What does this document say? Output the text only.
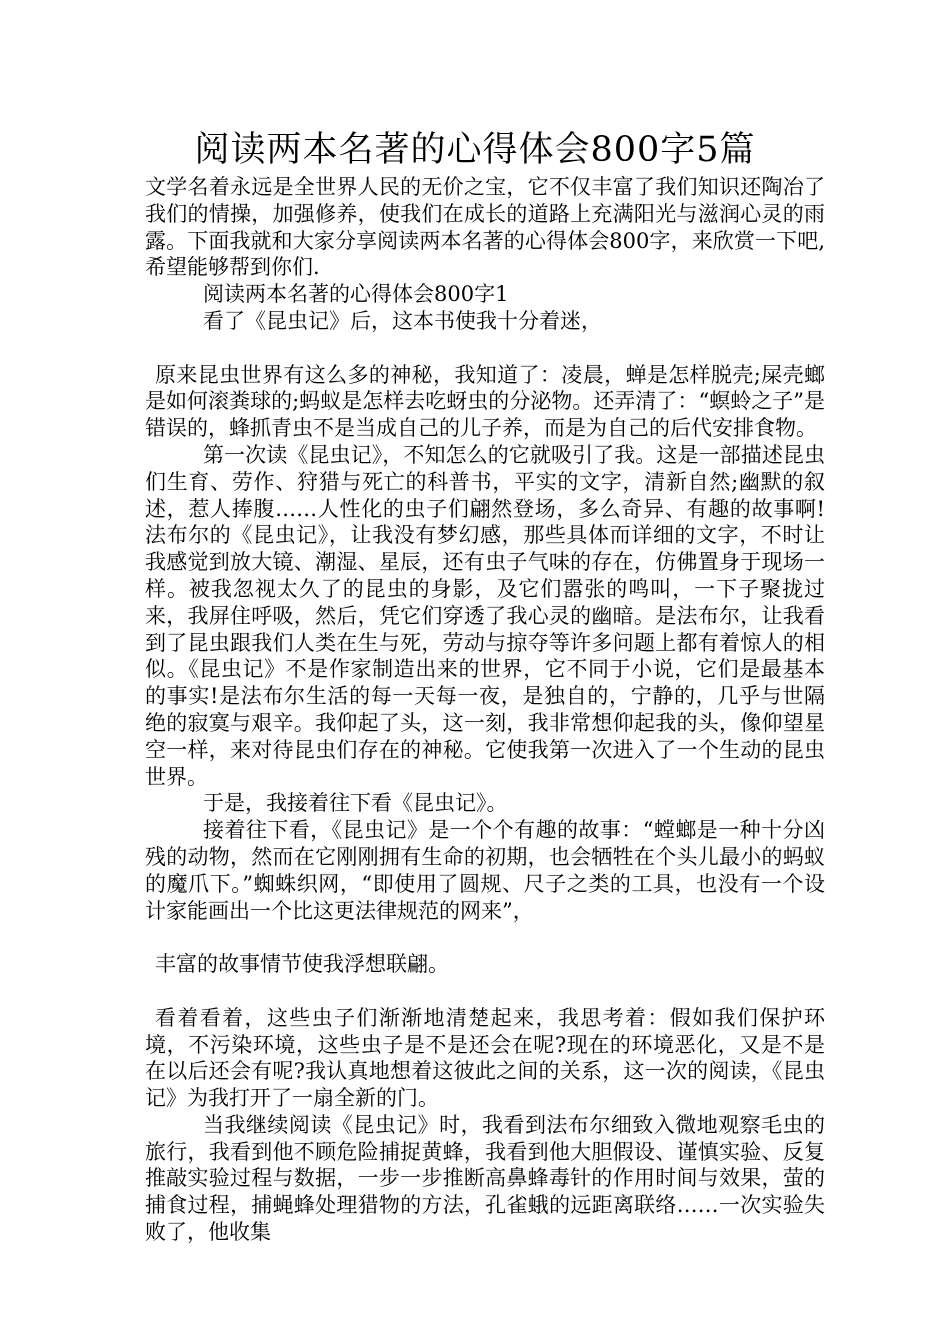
阅读两本名著的心得体会800字5篇

文学名着永远是全世界人民的无价之宝，它不仅丰富了我们知识还陶冶了我们的情操，加强修养，使我们在成长的道路上充满阳光与滋润心灵的雨露。下面我就和大家分享阅读两本名著的心得体会800字，来欣赏一下吧,希望能够帮到你们.

阅读两本名著的心得体会800字1

看了《昆虫记》后，这本书使我十分着迷，

原来昆虫世界有这么多的神秘，我知道了：凌晨，蝉是怎样脱壳;屎壳螂是如何滚粪球的;蚂蚁是怎样去吃蚜虫的分泌物。还弄清了：“螟蛉之子”是错误的，蜂抓青虫不是当成自己的儿子养，而是为自己的后代安排食物。

第一次读《昆虫记》，不知怎么的它就吸引了我。这是一部描述昆虫们生育、劳作、狩猎与死亡的科普书，平实的文字，清新自然;幽默的叙述，惹人捧腹……人性化的虫子们翩然登场，多么奇异、有趣的故事啊!法布尔的《昆虫记》，让我没有梦幻感，那些具体而详细的文字，不时让我感觉到放大镜、潮湿、星辰，还有虫子气味的存在，仿佛置身于现场一样。被我忽视太久了的昆虫的身影，及它们嚣张的鸣叫，一下子聚拢过来，我屏住呼吸，然后，凭它们穿透了我心灵的幽暗。是法布尔，让我看到了昆虫跟我们人类在生与死，劳动与掠夺等许多问题上都有着惊人的相似。《昆虫记》不是作家制造出来的世界，它不同于小说，它们是最基本的事实!是法布尔生活的每一天每一夜，是独自的，宁静的，几乎与世隔绝的寂寞与艰辛。我仰起了头，这一刻，我非常想仰起我的头，像仰望星空一样，来对待昆虫们存在的神秘。它使我第一次进入了一个生动的昆虫世界。

于是，我接着往下看《昆虫记》。

接着往下看，《昆虫记》是一个个有趣的故事：“螳螂是一种十分凶残的动物，然而在它刚刚拥有生命的初期，也会牺牲在个头儿最小的蚂蚁的魔爪下。”蜘蛛织网，“即使用了圆规、尺子之类的工具，也没有一个设计家能画出一个比这更法律规范的网来”，

丰富的故事情节使我浮想联翩。

看着看着，这些虫子们渐渐地清楚起来，我思考着：假如我们保护环境，不污染环境，这些虫子是不是还会在呢?现在的环境恶化，又是不是在以后还会有呢?我认真地想着这彼此之间的关系，这一次的阅读，《昆虫记》为我打开了一扇全新的门。

当我继续阅读《昆虫记》时，我看到法布尔细致入微地观察毛虫的旅行，我看到他不顾危险捕捉黄蜂，我看到他大胆假设、谨慎实验、反复推敲实验过程与数据，一步一步推断高鼻蜂毒针的作用时间与效果，萤的捕食过程，捕蝇蜂处理猎物的方法，孔雀蛾的远距离联络……一次实验失败了，他收集
